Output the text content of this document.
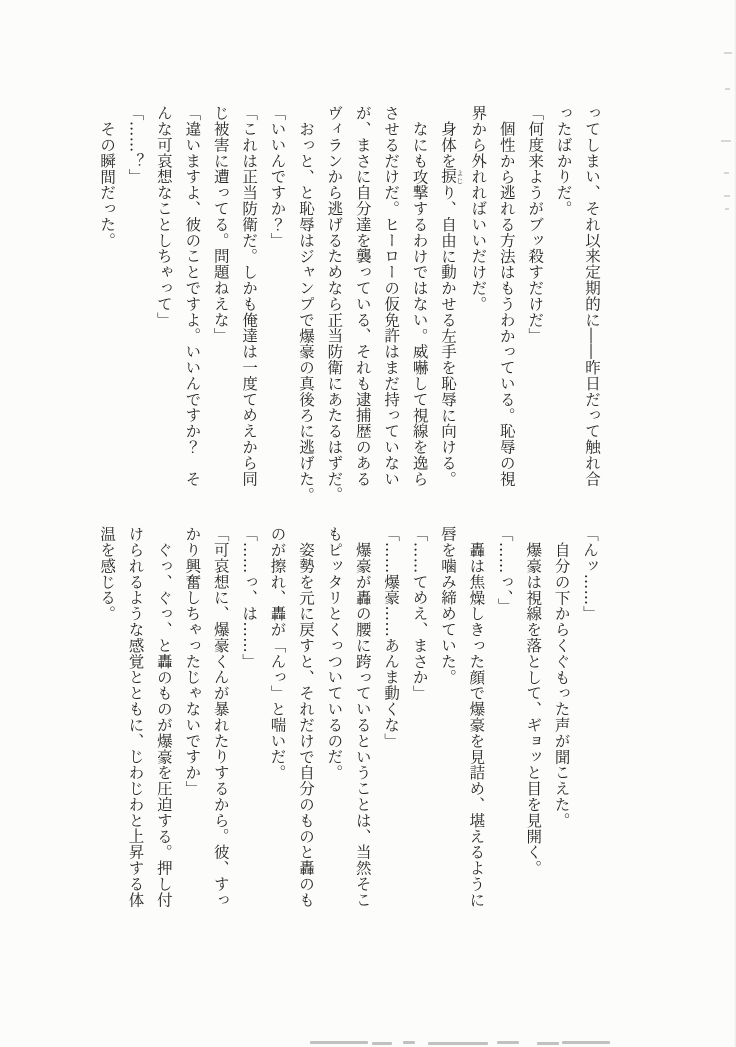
ってしまい、それ以来定期的に――昨日だって触れ合
ったばかりだ。
「何度来ようがブッ殺すだけだ」
個性から逃れる方法はもうわかっている。恥辱の視
界から外れればいいだけだ。
身体を捩 よじり、自由に動かせる左手を恥辱に向ける。
なにも攻撃するわけではない。威嚇して視線を逸ら
させるだけだ。ヒーローの仮免許はまだ持っていない
が、まさに自分達を襲っている、それも逮捕歴のある
ヴィランから逃げるためなら正当防衛にあたるはずだ。
おっと、と恥辱はジャンプで爆豪の真後ろに逃げた。
「いいんですか？」
「これは正当防衛だ。しかも俺達は一度てめえから同
じ被害に遭ってる。問題ねえな」
「違いますよ、彼のことですよ。いいんですか？　そ
んな可哀想なことしちゃって」
「……？」
その瞬間だった。
「んッ……」
自分の下からくぐもった声が聞こえた。
爆豪は視線を落として、ギョッと目を見開く。
「……っ、」
轟は焦燥しきった顔で爆豪を見詰め、堪えるように
唇を噛み締めていた。
「……てめえ、まさか」
「……爆豪……あんま動くな」
爆豪が轟の腰に跨っているということは、当然そこ
もピッタリとくっついているのだ。
姿勢を元に戻すと、それだけで自分のものと轟のも
のが擦れ、轟が「んっ」と喘いだ。
「……っ、は……」
「可哀想に、爆豪くんが暴れたりするから。彼、すっ
かり興奮しちゃったじゃないですか」
ぐっ、ぐっ、と轟のものが爆豪を圧迫する。押し付
けられるような感覚とともに、じわじわと上昇する体
温を感じる。
